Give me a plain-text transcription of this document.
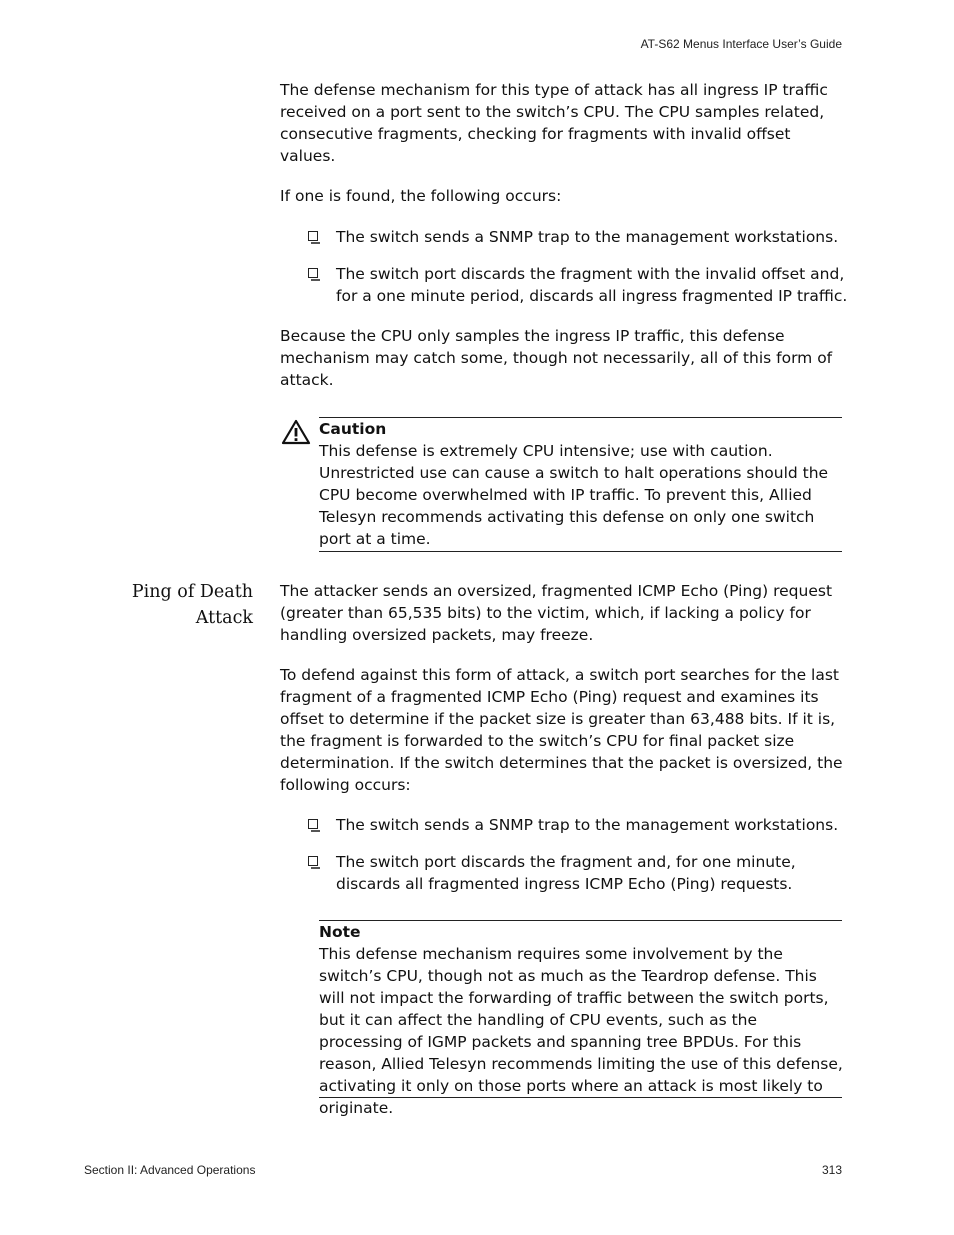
AT-S62 Menus Interface User’s Guide

The defense mechanism for this type of attack has all ingress IP traffic received on a port sent to the switch’s CPU. The CPU samples related, consecutive fragments, checking for fragments with invalid offset values.

If one is found, the following occurs:

The switch sends a SNMP trap to the management workstations.
The switch port discards the fragment with the invalid offset and, for a one minute period, discards all ingress fragmented IP traffic.

Because the CPU only samples the ingress IP traffic, this defense mechanism may catch some, though not necessarily, all of this form of attack.

Caution
This defense is extremely CPU intensive; use with caution. Unrestricted use can cause a switch to halt operations should the CPU become overwhelmed with IP traffic. To prevent this, Allied Telesyn recommends activating this defense on only one switch port at a time.
Ping of Death
Attack

The attacker sends an oversized, fragmented ICMP Echo (Ping) request (greater than 65,535 bits) to the victim, which, if lacking a policy for handling oversized packets, may freeze.

To defend against this form of attack, a switch port searches for the last fragment of a fragmented ICMP Echo (Ping) request and examines its offset to determine if the packet size is greater than 63,488 bits. If it is, the fragment is forwarded to the switch’s CPU for final packet size determination. If the switch determines that the packet is oversized, the following occurs:

The switch sends a SNMP trap to the management workstations.
The switch port discards the fragment and, for one minute, discards all fragmented ingress ICMP Echo (Ping) requests.
Note
This defense mechanism requires some involvement by the switch’s CPU, though not as much as the Teardrop defense. This will not impact the forwarding of traffic between the switch ports, but it can affect the handling of CPU events, such as the processing of IGMP packets and spanning tree BPDUs. For this reason, Allied Telesyn recommends limiting the use of this defense, activating it only on those ports where an attack is most likely to originate.
Section II: Advanced Operations	313
